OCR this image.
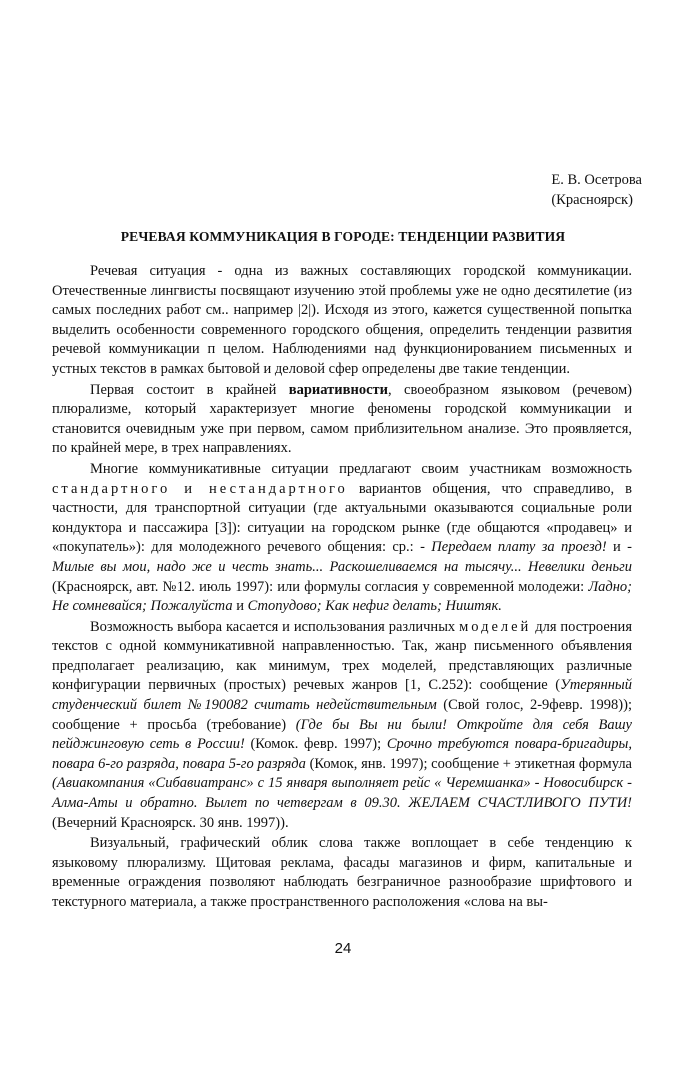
Е. В. Осетрова
(Красноярск)
РЕЧЕВАЯ КОММУНИКАЦИЯ В ГОРОДЕ: ТЕНДЕНЦИИ РАЗВИТИЯ

Речевая ситуация - одна из важных составляющих городской коммуникации. Отечественные лингвисты посвящают изучению этой проблемы уже не одно десятилетие (из самых последних работ см.. например |2|). Исходя из этого, кажется существенной попытка выделить особенности современного городского общения, определить тенденции развития речевой коммуникации п целом. Наблюдениями над функционированием письменных и устных текстов в рамках бытовой и деловой сфер определены две такие тенденции.

Первая состоит в крайней вариативности, своеобразном языковом (речевом) плюрализме, который характеризует многие феномены городской коммуникации и становится очевидным уже при первом, самом приблизительном анализе. Это проявляется, по крайней мере, в трех направлениях.

Многие коммуникативные ситуации предлагают своим участникам возможность стандартного и нестандартного вариантов общения, что справедливо, в частности, для транспортной ситуации (где актуальными оказываются социальные роли кондуктора и пассажира [3]): ситуации на городском рынке (где общаются «продавец» и «покупатель»): для молодежного речевого общения: ср.: - Передаем плату за проезд! и - Милые вы мои, надо же и честь знать... Раскошеливаемся на тысячу... Невелики деньги (Красноярск, авт. №12. июль 1997): или формулы согласия у современной молодежи: Ладно; Не сомневайся; Пожалуйста и Стопудово; Как нефиг делать; Ништяк.

Возможность выбора касается и использования различных моделей для построения текстов с одной коммуникативной направленностью. Так, жанр письменного объявления предполагает реализацию, как минимум, трех моделей, представляющих различные конфигурации первичных (простых) речевых жанров [1, С.252): сообщение (Утерянный студенческий билет №190082 считать недействительным (Свой голос, 2-9февр. 1998)); сообщение + просьба (требование) (Где бы Вы ни были! Откройте для себя Вашу пейджинговую сеть в России! (Комок. февр. 1997); Срочно требуются повара-бригадиры, повара 6-го разряда, повара 5-го разряда (Комок, янв. 1997); сообщение + этикетная формула (Авиакомпания «Сибавиатранс» с 15 января выполняет рейс « Черемшанка» - Новосибирск - Алма-Аты и обратно. Вылет по четвергам в 09.30. ЖЕЛАЕМ СЧАСТЛИВОГО ПУТИ! (Вечерний Красноярск. 30 янв. 1997)).

Визуальный, графический облик слова также воплощает в себе тенденцию к языковому плюрализму. Щитовая реклама, фасады магазинов и фирм, капитальные и временные ограждения позволяют наблюдать безграничное разнообразие шрифтового и текстурного материала, а также пространственного расположения «слова на вы-

24
